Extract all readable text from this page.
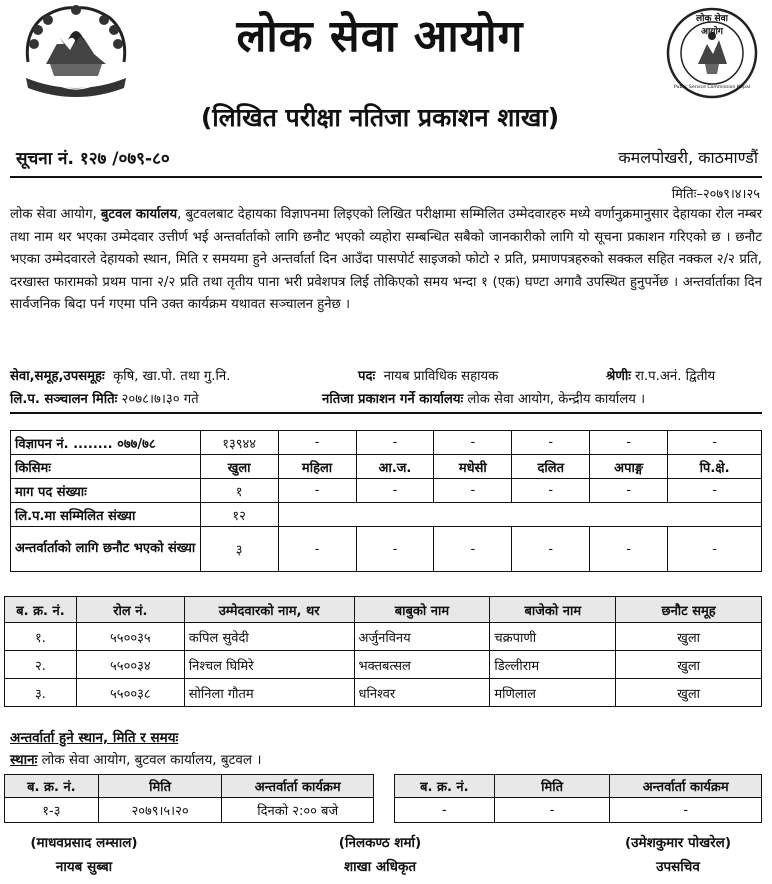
लोक सेवा आयोग
Public Service Commission Nepal
लोक सेवा आयोग
(लिखित परीक्षा नतिजा प्रकाशन शाखा)
सूचना नं. १२७ /०७९-८०	कमलपोखरी, काठमाण्डौं
मितिः–२०७९।४।२५
लोक सेवा आयोग, बुटवल कार्यालय, बुटवलबाट देहायका विज्ञापनमा लिइएको लिखित परीक्षामा सम्मिलित उम्मेदवारहरु मध्ये वर्णानुक्रमानुसार देहायका रोल नम्बर तथा नाम थर भएका उम्मेदवार उत्तीर्ण भई अन्तर्वार्ताको लागि छनौट भएको व्यहोरा सम्बन्धित सबैको जानकारीको लागि यो सूचना प्रकाशन गरिएको छ । छनौट भएका उम्मेदवारले देहायको स्थान, मिति र समयमा हुने अन्तर्वार्ता दिन आउँदा पासपोर्ट साइजको फोटो २ प्रति, प्रमाणपत्रहरुको सक्कल सहित नक्कल २/२ प्रति, दरखास्त फारामको प्रथम पाना २/२ प्रति तथा तृतीय पाना भरी प्रवेशपत्र लिई तोकिएको समय भन्दा १ (एक) घण्टा अगावै उपस्थित हुनुपर्नेछ । अन्तर्वार्ताका दिन सार्वजनिक बिदा पर्न गएमा पनि उक्त कार्यक्रम यथावत सञ्चालन हुनेछ ।
सेवा,समूह,उपसमूहः कृषि, खा.पो. तथा गु.नि.	पदः नायब प्राविधिक सहायक	श्रेणीः रा.प.अनं. द्वितीय
लि.प. सञ्चालन मितिः २०७८।७।३० गते	नतिजा प्रकाशन गर्ने कार्यालयः लोक सेवा आयोग, केन्द्रीय कार्यालय ।
विज्ञापन नं. ........ ०७७/७८	१३९४४	-	-	-	-	-	-
किसिमः	खुला	महिला	आ.ज.	मधेसी	दलित	अपाङ्ग	पि.क्षे.
माग पद संख्याः	१	-	-	-	-	-	-
लि.प.मा सम्मिलित संख्या	१२						
अन्तर्वार्ताको लागि छनौट भएको संख्या	३	-	-	-	-	-	-
ब. क्र. नं.	रोल नं.	उम्मेदवारको नाम, थर	बाबुको नाम	बाजेको नाम	छनौट समूह
१.	५५००३५	कपिल सुवेदी	अर्जुनविनय	चक्रपाणी	खुला
२.	५५००३४	निश्चल घिमिरे	भक्तबत्सल	डिल्लीराम	खुला
३.	५५००३८	सोनिला गौतम	धनिश्वर	मणिलाल	खुला
अन्तर्वार्ता हुने स्थान, मिति र समयः
स्थानः लोक सेवा आयोग, बुटवल कार्यालय, बुटवल ।
ब. क्र. नं.	मिति	अन्तर्वार्ता कार्यक्रम
१-३	२०७९।५।२०	दिनको २:०० बजे
ब. क्र. नं.	मिति	अन्तर्वार्ता कार्यक्रम
-	-	-
(माधवप्रसाद लम्साल)
नायब सुब्बा
(निलकण्ठ शर्मा)
शाखा अधिकृत
(उमेशकुमार पोखरेल)
उपसचिव
